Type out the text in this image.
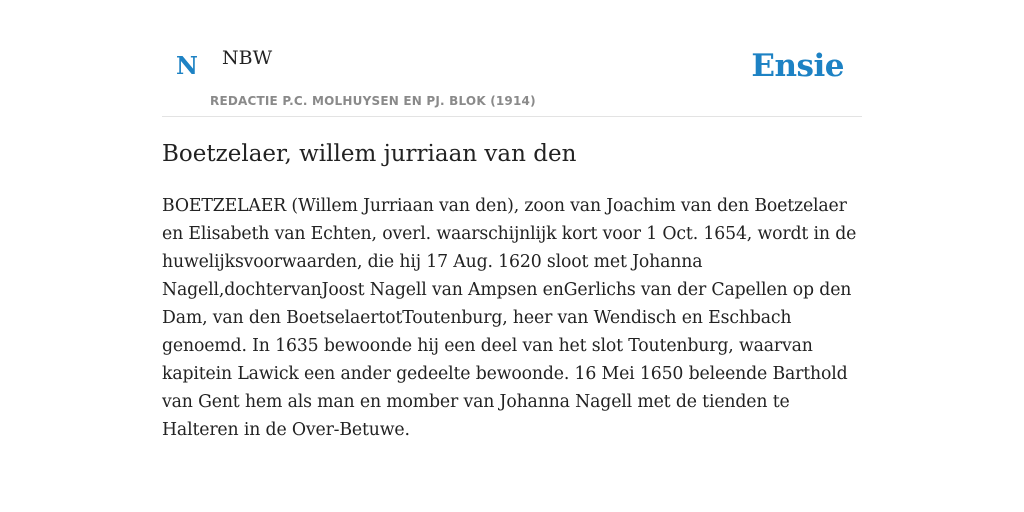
N NBW
REDACTIE P.C. MOLHUYSEN EN PJ. BLOK (1914)
Ensie
Boetzelaer, willem jurriaan van den

BOETZELAER (Willem Jurriaan van den), zoon van Joachim van den Boetzelaer en Elisabeth van Echten, overl. waarschijnlijk kort voor 1 Oct. 1654, wordt in de huwelijksvoorwaarden, die hij 17 Aug. 1620 sloot met Johanna Nagell,dochtervanJoost Nagell van Ampsen enGerlichs van der Capellen op den Dam, van den BoetselaertotToutenburg, heer van Wendisch en Eschbach genoemd. In 1635 bewoonde hij een deel van het slot Toutenburg, waarvan kapitein Lawick een ander gedeelte bewoonde. 16 Mei 1650 beleende Barthold van Gent hem als man en momber van Johanna Nagell met de tienden te Halteren in de Over-Betuwe.
